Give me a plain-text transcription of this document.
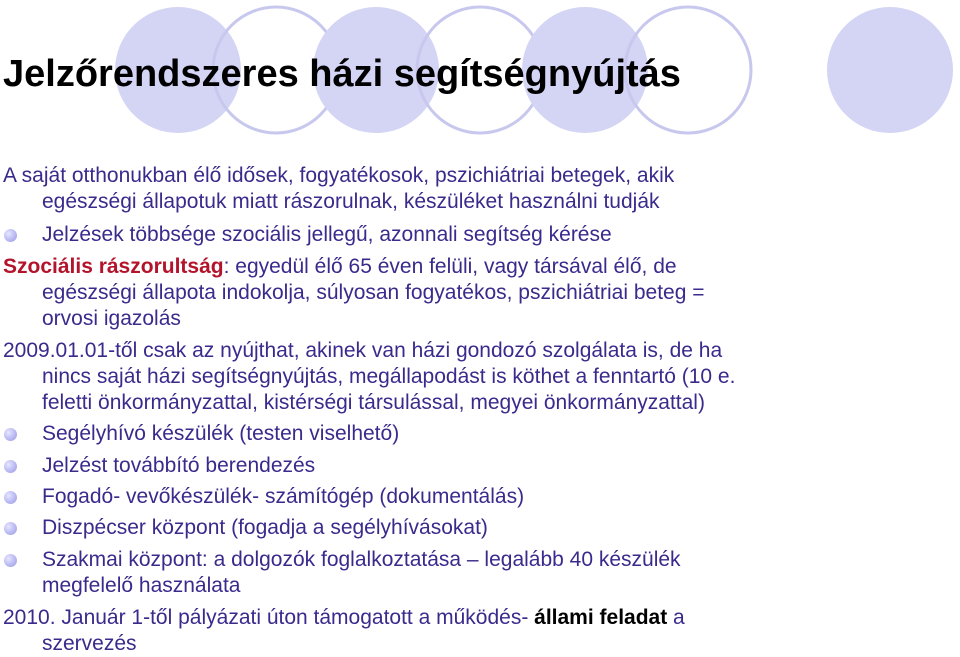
Jelzőrendszeres házi segítségnyújtás
A saját otthonukban élő idősek, fogyatékosok, pszichiátriai betegek, akik
egészségi állapotuk miatt rászorulnak, készüléket használni tudják
Jelzések többsége szociális jellegű, azonnali segítség kérése
Szociális rászorultság: egyedül élő 65 éven felüli, vagy társával élő, de
egészségi állapota indokolja, súlyosan fogyatékos, pszichiátriai beteg =
orvosi igazolás
2009.01.01-től csak az nyújthat, akinek van házi gondozó szolgálata is, de ha
nincs saját házi segítségnyújtás, megállapodást is köthet a fenntartó (10 e.
feletti önkormányzattal, kistérségi társulással, megyei önkormányzattal)
Segélyhívó készülék (testen viselhető)
Jelzést továbbító berendezés
Fogadó- vevőkészülék- számítógép (dokumentálás)
Diszpécser központ (fogadja a segélyhívásokat)
Szakmai központ: a dolgozók foglalkoztatása – legalább 40 készülék
megfelelő használata
2010. Január 1-től pályázati úton támogatott a működés- állami feladat a
szervezés
